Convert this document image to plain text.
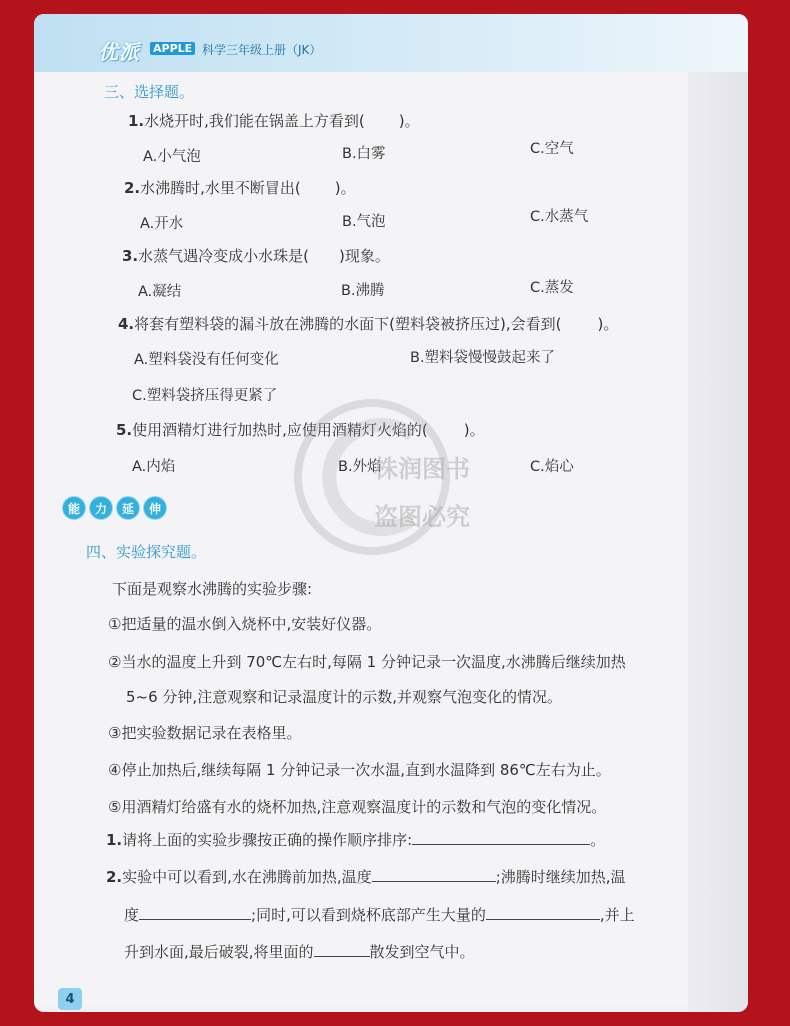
优派 APPLE 科学三年级上册（JK）
三、选择题。
1.水烧开时,我们能在锅盖上方看到( )。
A.小气泡	B.白雾	C.空气
2.水沸腾时,水里不断冒出( )。
A.开水	B.气泡	C.水蒸气
3.水蒸气遇冷变成小水珠是( )现象。
A.凝结	B.沸腾	C.蒸发
4.将套有塑料袋的漏斗放在沸腾的水面下(塑料袋被挤压过),会看到( )。
A.塑料袋没有任何变化	B.塑料袋慢慢鼓起来了
C.塑料袋挤压得更紧了
5.使用酒精灯进行加热时,应使用酒精灯火焰的( )。
A.内焰	B.外焰	C.焰心
能	力	延	伸
四、实验探究题。
下面是观察水沸腾的实验步骤:
①把适量的温水倒入烧杯中,安装好仪器。
②当水的温度上升到 70℃左右时,每隔 1 分钟记录一次温度,水沸腾后继续加热
5~6 分钟,注意观察和记录温度计的示数,并观察气泡变化的情况。
③把实验数据记录在表格里。
④停止加热后,继续每隔 1 分钟记录一次水温,直到水温降到 86℃左右为止。
⑤用酒精灯给盛有水的烧杯加热,注意观察温度计的示数和气泡的变化情况。
1.请将上面的实验步骤按正确的操作顺序排序:	。
2.实验中可以看到,水在沸腾前加热,温度	;沸腾时继续加热,温
度	;同时,可以看到烧杯底部产生大量的	,并上
升到水面,最后破裂,将里面的	散发到空气中。
株润图书
盗图必究
4
